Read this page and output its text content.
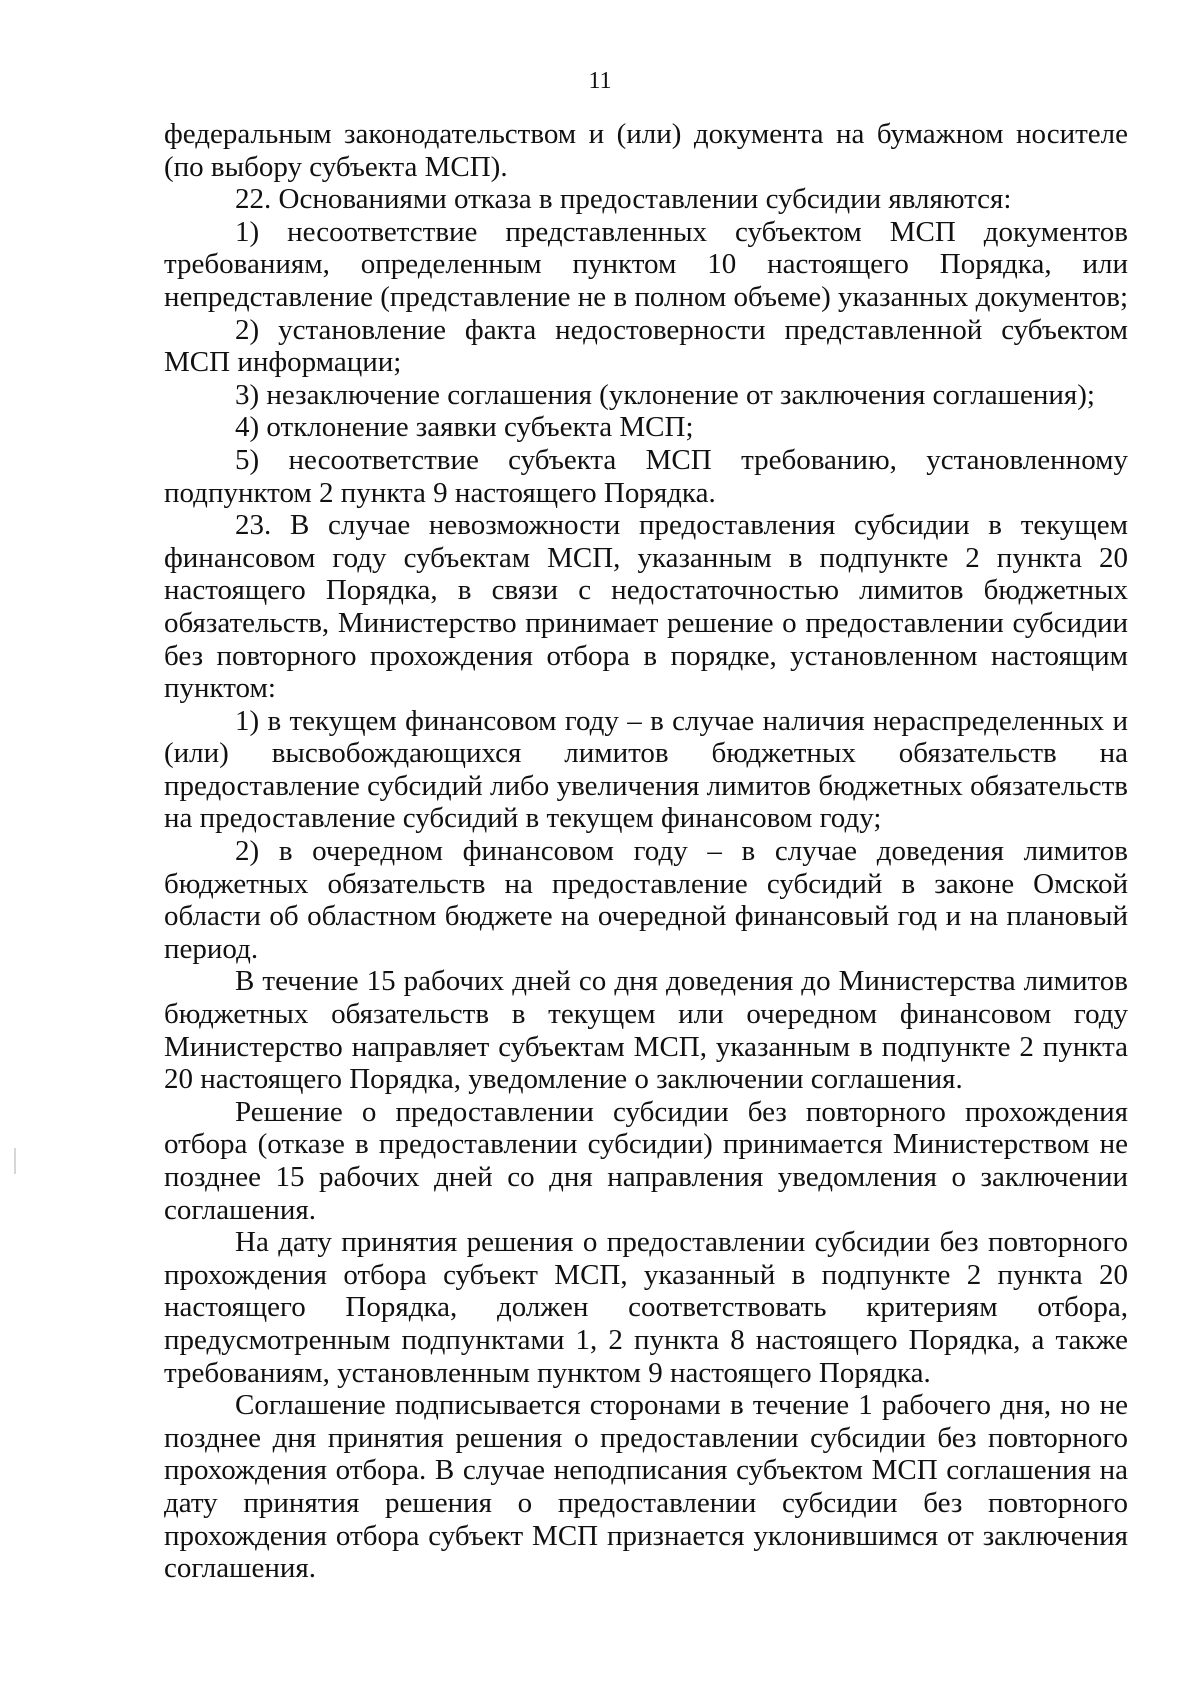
11

федеральным законодательством и (или) документа на бумажном носителе (по выбору субъекта МСП).

22. Основаниями отказа в предоставлении субсидии являются:

1) несоответствие представленных субъектом МСП документов требованиям, определенным пунктом 10 настоящего Порядка, или непредставление (представление не в полном объеме) указанных документов;

2) установление факта недостоверности представленной субъектом МСП информации;

3) незаключение соглашения (уклонение от заключения соглашения);

4) отклонение заявки субъекта МСП;

5) несоответствие субъекта МСП требованию, установленному подпунктом 2 пункта 9 настоящего Порядка.

23. В случае невозможности предоставления субсидии в текущем финансовом году субъектам МСП, указанным в подпункте 2 пункта 20 настоящего Порядка, в связи с недостаточностью лимитов бюджетных обязательств, Министерство принимает решение о предоставлении субсидии без повторного прохождения отбора в порядке, установленном настоящим пунктом:

1) в текущем финансовом году – в случае наличия нераспределенных и (или) высвобождающихся лимитов бюджетных обязательств на предоставление субсидий либо увеличения лимитов бюджетных обязательств на предоставление субсидий в текущем финансовом году;

2) в очередном финансовом году – в случае доведения лимитов бюджетных обязательств на предоставление субсидий в законе Омской области об областном бюджете на очередной финансовый год и на плановый период.

В течение 15 рабочих дней со дня доведения до Министерства лимитов бюджетных обязательств в текущем или очередном финансовом году Министерство направляет субъектам МСП, указанным в подпункте 2 пункта 20 настоящего Порядка, уведомление о заключении соглашения.

Решение о предоставлении субсидии без повторного прохождения отбора (отказе в предоставлении субсидии) принимается Министерством не позднее 15 рабочих дней со дня направления уведомления о заключении соглашения.

На дату принятия решения о предоставлении субсидии без повторного прохождения отбора субъект МСП, указанный в подпункте 2 пункта 20 настоящего Порядка, должен соответствовать критериям отбора, предусмотренным подпунктами 1, 2 пункта 8 настоящего Порядка, а также требованиям, установленным пунктом 9 настоящего Порядка.

Соглашение подписывается сторонами в течение 1 рабочего дня, но не позднее дня принятия решения о предоставлении субсидии без повторного прохождения отбора. В случае неподписания субъектом МСП соглашения на дату принятия решения о предоставлении субсидии без повторного прохождения отбора субъект МСП признается уклонившимся от заключения соглашения.
